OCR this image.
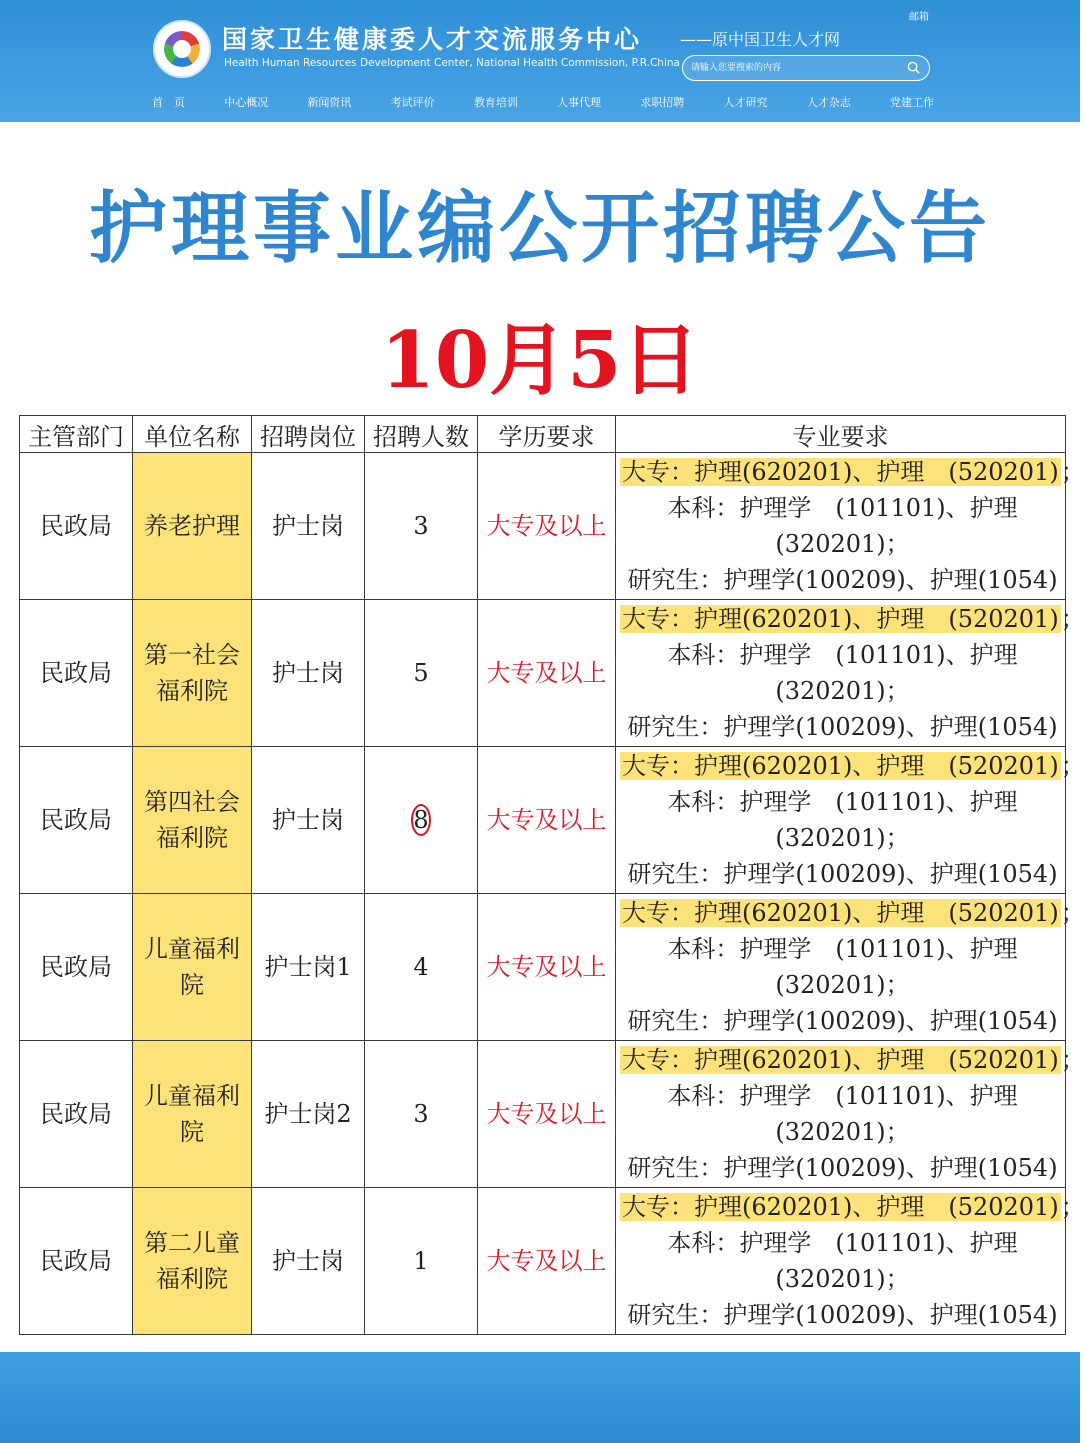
国家卫生健康委人才交流服务中心
Health Human Resources Development Center, National Health Commission, P.R.China
——原中国卫生人才网
邮箱
请输入您要搜索的内容
首　页	中心概况	新闻资讯	考试评价	教育培训	人事代理	求职招聘	人才研究	人才杂志	党建工作
护理事业编公开招聘公告
10月5日
主管部门	单位名称	招聘岗位	招聘人数	学历要求	专业要求
民政局	养老护理	护士岗	3	大专及以上	大专：护理(620201)、护理　(520201)；
本科：护理学　(101101)、护理
(320201)；
研究生：护理学(100209)、护理(1054)

民政局	第一社会福利院	护士岗	5	大专及以上	大专：护理(620201)、护理　(520201)；
本科：护理学　(101101)、护理
(320201)；
研究生：护理学(100209)、护理(1054)

民政局	第四社会福利院	护士岗	8	大专及以上	大专：护理(620201)、护理　(520201)；
本科：护理学　(101101)、护理
(320201)；
研究生：护理学(100209)、护理(1054)

民政局	儿童福利院	护士岗1	4	大专及以上	大专：护理(620201)、护理　(520201)；
本科：护理学　(101101)、护理
(320201)；
研究生：护理学(100209)、护理(1054)

民政局	儿童福利院	护士岗2	3	大专及以上	大专：护理(620201)、护理　(520201)；
本科：护理学　(101101)、护理
(320201)；
研究生：护理学(100209)、护理(1054)

民政局	第二儿童福利院	护士岗	1	大专及以上	大专：护理(620201)、护理　(520201)；
本科：护理学　(101101)、护理
(320201)；
研究生：护理学(100209)、护理(1054)
